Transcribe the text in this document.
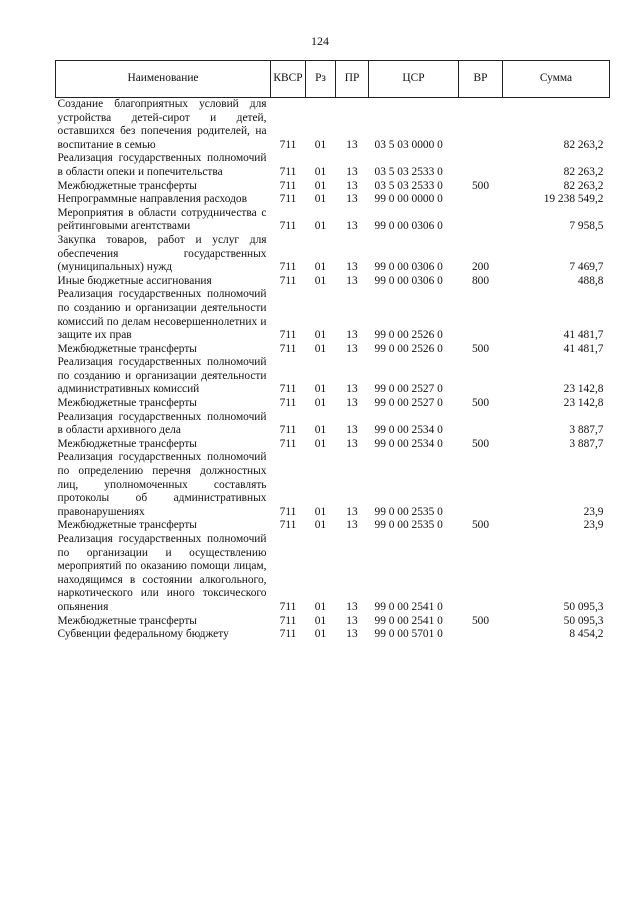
124
Наименование	КВСР	Рз	ПР	ЦСР	ВР	Сумма
Создание благоприятных условий для устройства детей-сирот и детей, оставшихся без попечения родителей, на воспитание в семью	711	01	13	03 5 03 0000 0		82 263,2
Реализация государственных полномочий в области опеки и попечительства	711	01	13	03 5 03 2533 0		82 263,2
Межбюджетные трансферты	711	01	13	03 5 03 2533 0	500	82 263,2
Непрограммные направления расходов	711	01	13	99 0 00 0000 0		19 238 549,2
Мероприятия в области сотрудничества с рейтинговыми агентствами	711	01	13	99 0 00 0306 0		7 958,5
Закупка товаров, работ и услуг для обеспечения государственных (муниципальных) нужд	711	01	13	99 0 00 0306 0	200	7 469,7
Иные бюджетные ассигнования	711	01	13	99 0 00 0306 0	800	488,8
Реализация государственных полномочий по созданию и организации деятельности комиссий по делам несовершеннолетних и защите их прав	711	01	13	99 0 00 2526 0		41 481,7
Межбюджетные трансферты	711	01	13	99 0 00 2526 0	500	41 481,7
Реализация государственных полномочий по созданию и организации деятельности административных комиссий	711	01	13	99 0 00 2527 0		23 142,8
Межбюджетные трансферты	711	01	13	99 0 00 2527 0	500	23 142,8
Реализация государственных полномочий в области архивного дела	711	01	13	99 0 00 2534 0		3 887,7
Межбюджетные трансферты	711	01	13	99 0 00 2534 0	500	3 887,7
Реализация государственных полномочий по определению перечня должностных лиц, уполномоченных составлять протоколы об административных правонарушениях	711	01	13	99 0 00 2535 0		23,9
Межбюджетные трансферты	711	01	13	99 0 00 2535 0	500	23,9
Реализация государственных полномочий по организации и осуществлению мероприятий по оказанию помощи лицам, находящимся в состоянии алкогольного, наркотического или иного токсического опьянения	711	01	13	99 0 00 2541 0		50 095,3
Межбюджетные трансферты	711	01	13	99 0 00 2541 0	500	50 095,3
Субвенции федеральному бюджету	711	01	13	99 0 00 5701 0		8 454,2
